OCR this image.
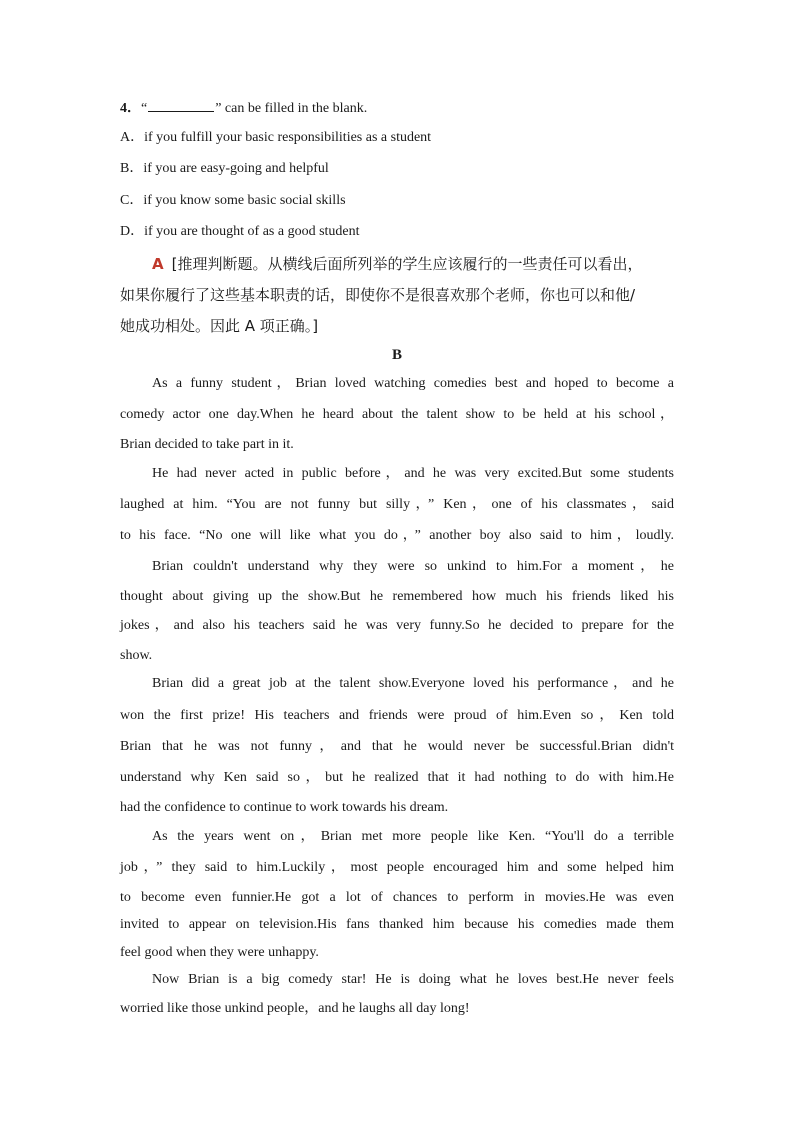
4．“	” can be filled in the blank.
A．if you fulfill your basic responsibilities as a student
B．if you are easy-going and helpful
C．if you know some basic social skills
D．if you are thought of as a good student
A [推理判断题。从横线后面所列举的学生应该履行的一些责任可以看出，
如果你履行了这些基本职责的话，即使你不是很喜欢那个老师，你也可以和他/
她成功相处。因此 A 项正确。]
B
As a funny student，Brian loved watching comedies best and hoped to become a
comedy actor one day.When he heard about the talent show to be held at his school，
Brian decided to take part in it.
He had never acted in public before，and he was very excited.But some students
laughed at him. “You are not funny but silly，” Ken，one of his classmates，said
to his face. “No one will like what you do，” another boy also said to him，loudly.
Brian couldn't understand why they were so unkind to him.For a moment，he
thought about giving up the show.But he remembered how much his friends liked his
jokes，and also his teachers said he was very funny.So he decided to prepare for the
show.
Brian did a great job at the talent show.Everyone loved his performance，and he
won the first prize! His teachers and friends were proud of him.Even so，Ken told
Brian that he was not funny，and that he would never be successful.Brian didn't
understand why Ken said so，but he realized that it had nothing to do with him.He
had the confidence to continue to work towards his dream.
As the years went on，Brian met more people like Ken. “You'll do a terrible
job，” they said to him.Luckily，most people encouraged him and some helped him
to become even funnier.He got a lot of chances to perform in movies.He was even
invited to appear on television.His fans thanked him because his comedies made them
feel good when they were unhappy.
Now Brian is a big comedy star! He is doing what he loves best.He never feels
worried like those unkind people，and he laughs all day long!
